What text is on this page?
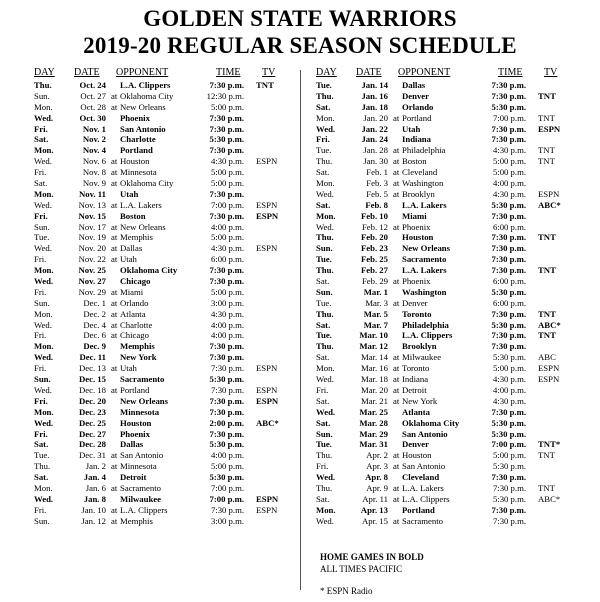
GOLDEN STATE WARRIORS
2019-20 REGULAR SEASON SCHEDULE
DAY DATE OPPONENT	TIME TV
Thu.	Oct. 24 L.A. Clippers	7:30 p.m. TNT
Sun.	Oct. 27 at Oklahoma City	12:30 p.m.
Mon.	Oct. 28 at New Orleans	5:00 p.m.
Wed.	Oct. 30 Phoenix	7:30 p.m.
Fri.	Nov. 1 San Antonio	7:30 p.m.
Sat.	Nov. 2 Charlotte	5:30 p.m.
Mon.	Nov. 4 Portland	7:30 p.m.
Wed.	Nov. 6 at Houston	4:30 p.m. ESPN
Fri.	Nov. 8 at Minnesota	5:00 p.m.
Sat.	Nov. 9 at Oklahoma City	5:00 p.m.
Mon.	Nov. 11 Utah	7:30 p.m.
Wed.	Nov. 13 at L.A. Lakers	7:00 p.m. ESPN
Fri.	Nov. 15 Boston	7:30 p.m. ESPN
Sun.	Nov. 17 at New Orleans	4:00 p.m.
Tue.	Nov. 19 at Memphis	5:00 p.m.
Wed.	Nov. 20 at Dallas	4:30 p.m. ESPN
Fri.	Nov. 22 at Utah	6:00 p.m.
Mon.	Nov. 25 Oklahoma City	7:30 p.m.
Wed.	Nov. 27 Chicago	7:30 p.m.
Fri.	Nov. 29 at Miami	5:00 p.m.
Sun.	Dec. 1 at Orlando	3:00 p.m.
Mon.	Dec. 2 at Atlanta	4:30 p.m.
Wed.	Dec. 4 at Charlotte	4:00 p.m.
Fri.	Dec. 6 at Chicago	4:00 p.m.
Mon.	Dec. 9 Memphis	7:30 p.m.
Wed.	Dec. 11 New York	7:30 p.m.
Fri.	Dec. 13 at Utah	7:30 p.m. ESPN
Sun.	Dec. 15 Sacramento	5:30 p.m.
Wed.	Dec. 18 at Portland	7:30 p.m. ESPN
Fri.	Dec. 20 New Orleans	7:30 p.m. ESPN
Mon.	Dec. 23 Minnesota	7:30 p.m.
Wed.	Dec. 25 Houston	2:00 p.m. ABC*
Fri.	Dec. 27 Phoenix	7:30 p.m.
Sat.	Dec. 28 Dallas	5:30 p.m.
Tue.	Dec. 31 at San Antonio	4:00 p.m.
Thu.	Jan. 2 at Minnesota	5:00 p.m.
Sat.	Jan. 4 Detroit	5:30 p.m.
Mon.	Jan. 6 at Sacramento	7:00 p.m.
Wed.	Jan. 8 Milwaukee	7:00 p.m. ESPN
Fri.	Jan. 10 at L.A. Clippers	7:30 p.m. ESPN
Sun.	Jan. 12 at Memphis	3:00 p.m.
DAY DATE OPPONENT	TIME TV
Tue.	Jan. 14 Dallas	7:30 p.m.
Thu.	Jan. 16 Denver	7:30 p.m. TNT
Sat.	Jan. 18 Orlando	5:30 p.m.
Mon.	Jan. 20 at Portland	7:00 p.m. TNT
Wed.	Jan. 22 Utah	7:30 p.m. ESPN
Fri.	Jan. 24 Indiana	7:30 p.m.
Tue.	Jan. 28 at Philadelphia	4:30 p.m. TNT
Thu.	Jan. 30 at Boston	5:00 p.m. TNT
Sat.	Feb. 1 at Cleveland	5:00 p.m.
Mon.	Feb. 3 at Washington	4:00 p.m.
Wed.	Feb. 5 at Brooklyn	4:30 p.m. ESPN
Sat.	Feb. 8 L.A. Lakers	5:30 p.m. ABC*
Mon.	Feb. 10 Miami	7:30 p.m.
Wed.	Feb. 12 at Phoenix	6:00 p.m.
Thu.	Feb. 20 Houston	7:30 p.m. TNT
Sun.	Feb. 23 New Orleans	7:30 p.m.
Tue.	Feb. 25 Sacramento	7:30 p.m.
Thu.	Feb. 27 L.A. Lakers	7:30 p.m. TNT
Sat.	Feb. 29 at Phoenix	6:00 p.m.
Sun.	Mar. 1 Washington	5:30 p.m.
Tue.	Mar. 3 at Denver	6:00 p.m.
Thu.	Mar. 5 Toronto	7:30 p.m. TNT
Sat.	Mar. 7 Philadelphia	5:30 p.m. ABC*
Tue.	Mar. 10 L.A. Clippers	7:30 p.m. TNT
Thu.	Mar. 12 Brooklyn	7:30 p.m.
Sat.	Mar. 14 at Milwaukee	5:30 p.m. ABC
Mon.	Mar. 16 at Toronto	5:00 p.m. ESPN
Wed.	Mar. 18 at Indiana	4:30 p.m. ESPN
Fri.	Mar. 20 at Detroit	4:00 p.m.
Sat.	Mar. 21 at New York	4:30 p.m.
Wed.	Mar. 25 Atlanta	7:30 p.m.
Sat.	Mar. 28 Oklahoma City	5:30 p.m.
Sun.	Mar. 29 San Antonio	5:30 p.m.
Tue.	Mar. 31 Denver	7:00 p.m. TNT*
Thu.	Apr. 2 at Houston	5:00 p.m. TNT
Fri.	Apr. 3 at San Antonio	5:30 p.m.
Wed.	Apr. 8 Cleveland	7:30 p.m.
Thu.	Apr. 9 at L.A. Lakers	7:30 p.m. TNT
Sat.	Apr. 11 at L.A. Clippers	5:30 p.m. ABC*
Mon.	Apr. 13 Portland	7:30 p.m.
Wed.	Apr. 15 at Sacramento	7:30 p.m.
HOME GAMES IN BOLD
ALL TIMES PACIFIC
* ESPN Radio
